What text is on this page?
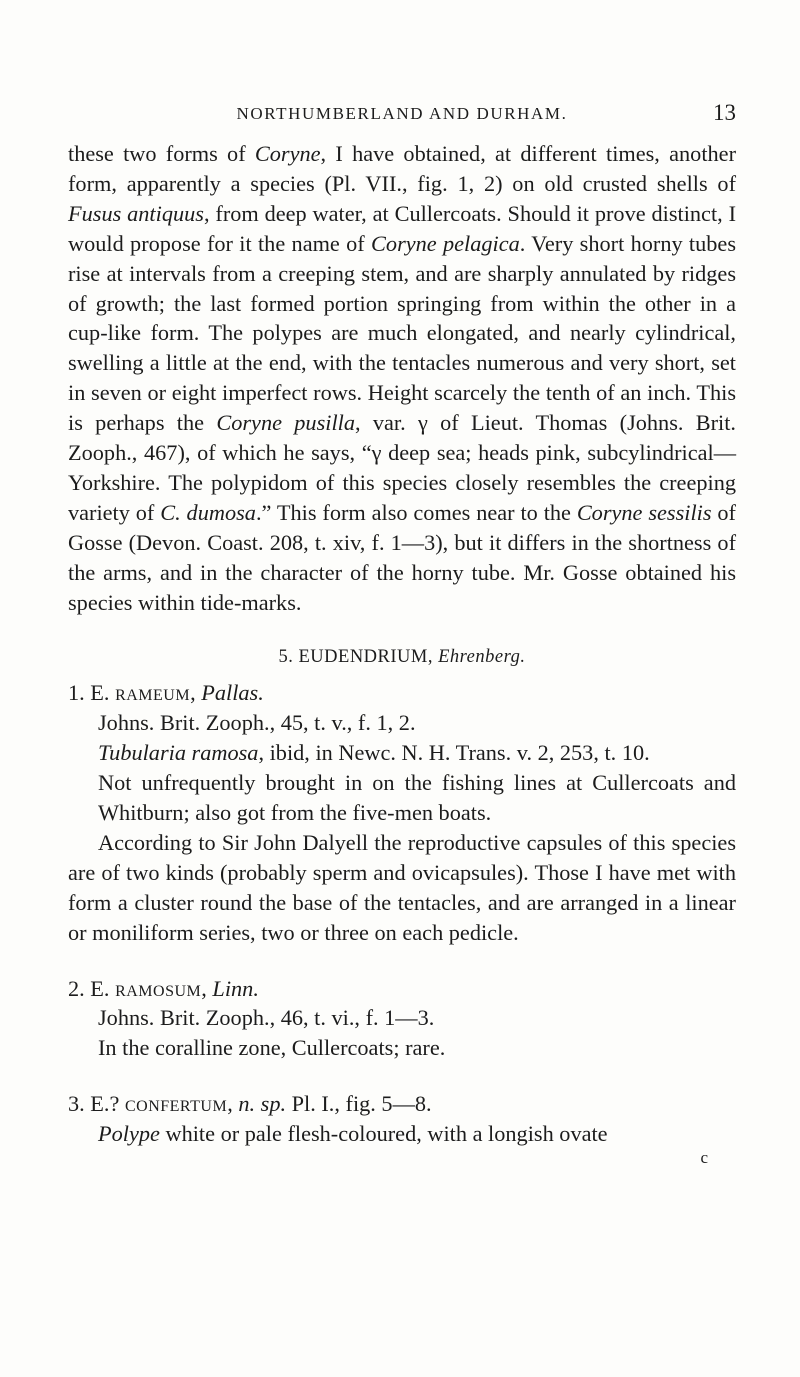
NORTHUMBERLAND AND DURHAM.	13

these two forms of Coryne, I have obtained, at different times, another form, apparently a species (Pl. VII., fig. 1, 2) on old crusted shells of Fusus antiquus, from deep water, at Cullercoats. Should it prove distinct, I would propose for it the name of Coryne pelagica. Very short horny tubes rise at intervals from a creeping stem, and are sharply annulated by ridges of growth; the last formed portion springing from within the other in a cup-like form. The polypes are much elongated, and nearly cylindrical, swelling a little at the end, with the tentacles numerous and very short, set in seven or eight imperfect rows. Height scarcely the tenth of an inch. This is perhaps the Coryne pusilla, var. γ of Lieut. Thomas (Johns. Brit. Zooph., 467), of which he says, “γ deep sea; heads pink, subcylindrical—Yorkshire. The polypidom of this species closely resembles the creeping variety of C. dumosa.” This form also comes near to the Coryne sessilis of Gosse (Devon. Coast. 208, t. xiv, f. 1—3), but it differs in the shortness of the arms, and in the character of the horny tube. Mr. Gosse obtained his species within tide-marks.

5. EUDENDRIUM, Ehrenberg.

1. E. rameum, Pallas.

Johns. Brit. Zooph., 45, t. v., f. 1, 2.

Tubularia ramosa, ibid, in Newc. N. H. Trans. v. 2, 253, t. 10.

Not unfrequently brought in on the fishing lines at Cullercoats and Whitburn; also got from the five-men boats.

According to Sir John Dalyell the reproductive capsules of this species are of two kinds (probably sperm and ovicapsules). Those I have met with form a cluster round the base of the tentacles, and are arranged in a linear or moniliform series, two or three on each pedicle.

2. E. ramosum, Linn.

Johns. Brit. Zooph., 46, t. vi., f. 1—3.

In the coralline zone, Cullercoats; rare.

3. E.? confertum, n. sp. Pl. I., fig. 5—8.

Polype white or pale flesh-coloured, with a longish ovate

c
